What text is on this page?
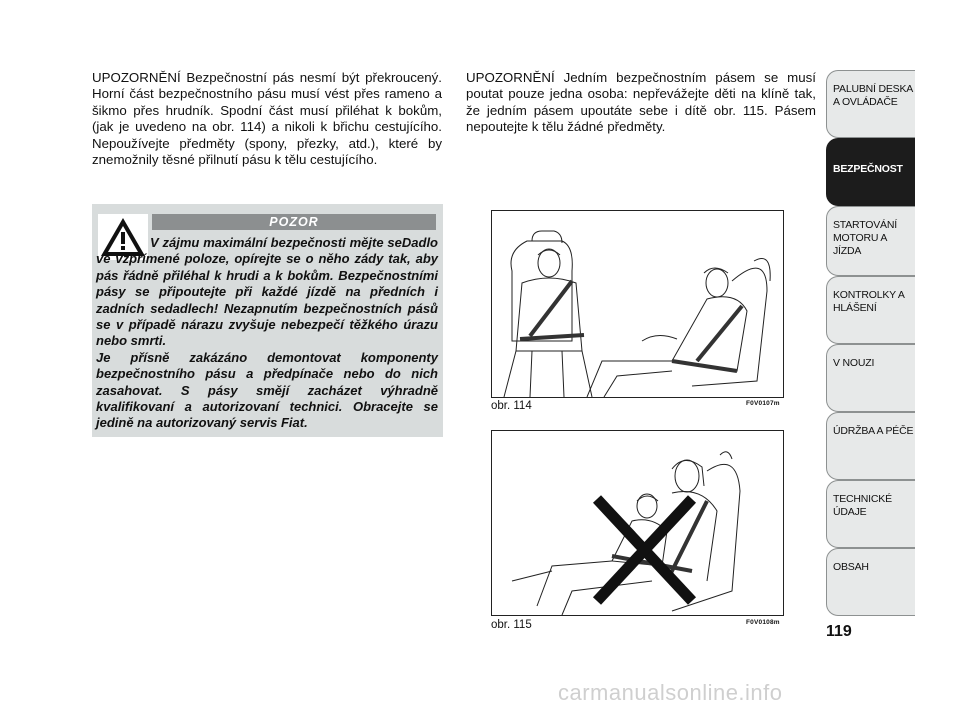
UPOZORNĚNÍ Bezpečnostní pás nesmí být překroucený. Horní část bezpečnostního pásu musí vést přes rameno a šikmo přes hrudník. Spodní část musí přiléhat k bokům, (jak je uvedeno na obr. 114) a nikoli k břichu cestujícího. Nepoužívejte předměty (spony, přezky, atd.), které by znemožnily těsné přilnutí pásu k tělu cestujícího.
UPOZORNĚNÍ Jedním bezpečnostním pásem se musí poutat pouze jedna osoba: nepřevážejte děti na klíně tak, že jedním pásem upoutáte sebe i dítě obr. 115. Pásem nepoutejte k tělu žádné předměty.
POZOR
V zájmu maximální bezpečnosti mějte seDadlo ve vzpřímené poloze, opírejte se o něho zády tak, aby pás řádně přiléhal k hrudi a k bokům. Bezpečnostními pásy se připoutejte při každé jízdě na předních i zadních sedadlech! Nezapnutím bezpečnostních pásů se v případě nárazu zvyšuje nebezpečí těžkého úrazu nebo smrti.
Je přísně zakázáno demontovat komponenty bezpečnostního pásu a předpínače nebo do nich zasahovat. S pásy smějí zacházet výhradně kvalifikovaní a autorizovaní technici. Obracejte se jedině na autorizovaný servis Fiat.
obr. 114	F0V0107m
obr. 115	F0V0108m
PALUBNÍ DESKA A OVLÁDAČE
BEZPEČNOST
STARTOVÁNÍ MOTORU A JÍZDA
KONTROLKY A HLÁŠENÍ
V NOUZI
ÚDRŽBA A PÉČE
TECHNICKÉ ÚDAJE
OBSAH
119
carmanualsonline.info
